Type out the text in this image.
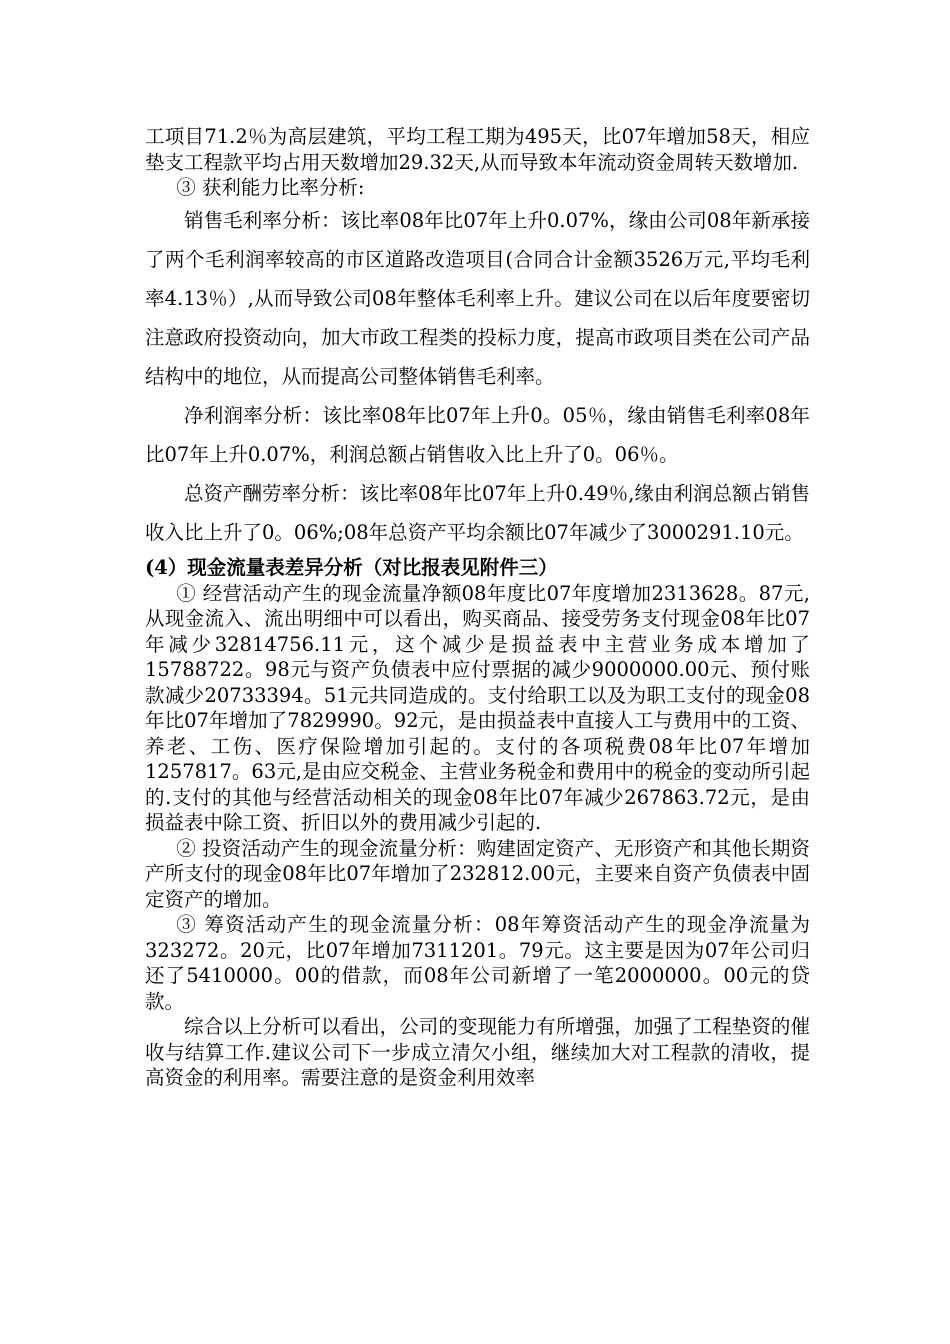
工项目71.2％为高层建筑，平均工程工期为495天，比07年增加58天，相应垫支工程款平均占用天数增加29.32天,从而导致本年流动资金周转天数增加.

③ 获利能力比率分析:

销售毛利率分析：该比率08年比07年上升0.07%，缘由公司08年新承接了两个毛利润率较高的市区道路改造项目(合同合计金额3526万元,平均毛利率4.13％）,从而导致公司08年整体毛利率上升。建议公司在以后年度要密切注意政府投资动向，加大市政工程类的投标力度，提高市政项目类在公司产品结构中的地位，从而提高公司整体销售毛利率。

净利润率分析：该比率08年比07年上升0。05％，缘由销售毛利率08年比07年上升0.07%，利润总额占销售收入比上升了0。06％。

总资产酬劳率分析：该比率08年比07年上升0.49％,缘由利润总额占销售收入比上升了0。06%;08年总资产平均余额比07年减少了3000291.10元。

(4）现金流量表差异分析（对比报表见附件三）

① 经营活动产生的现金流量净额08年度比07年度增加2313628。87元,从现金流入、流出明细中可以看出，购买商品、接受劳务支付现金08年比07年减少32814756.11元，这个减少是损益表中主营业务成本增加了15788722。98元与资产负债表中应付票据的减少9000000.00元、预付账款减少20733394。51元共同造成的。支付给职工以及为职工支付的现金08年比07年增加了7829990。92元，是由损益表中直接人工与费用中的工资、养老、工伤、医疗保险增加引起的。支付的各项税费08年比07年增加1257817。63元,是由应交税金、主营业务税金和费用中的税金的变动所引起的.支付的其他与经营活动相关的现金08年比07年减少267863.72元，是由损益表中除工资、折旧以外的费用减少引起的.

② 投资活动产生的现金流量分析：购建固定资产、无形资产和其他长期资产所支付的现金08年比07年增加了232812.00元，主要来自资产负债表中固定资产的增加。

③ 筹资活动产生的现金流量分析：08年筹资活动产生的现金净流量为323272。20元，比07年增加7311201。79元。这主要是因为07年公司归还了5410000。00的借款，而08年公司新增了一笔2000000。00元的贷款。

综合以上分析可以看出，公司的变现能力有所增强，加强了工程垫资的催收与结算工作.建议公司下一步成立清欠小组，继续加大对工程款的清收，提高资金的利用率。需要注意的是资金利用效率
